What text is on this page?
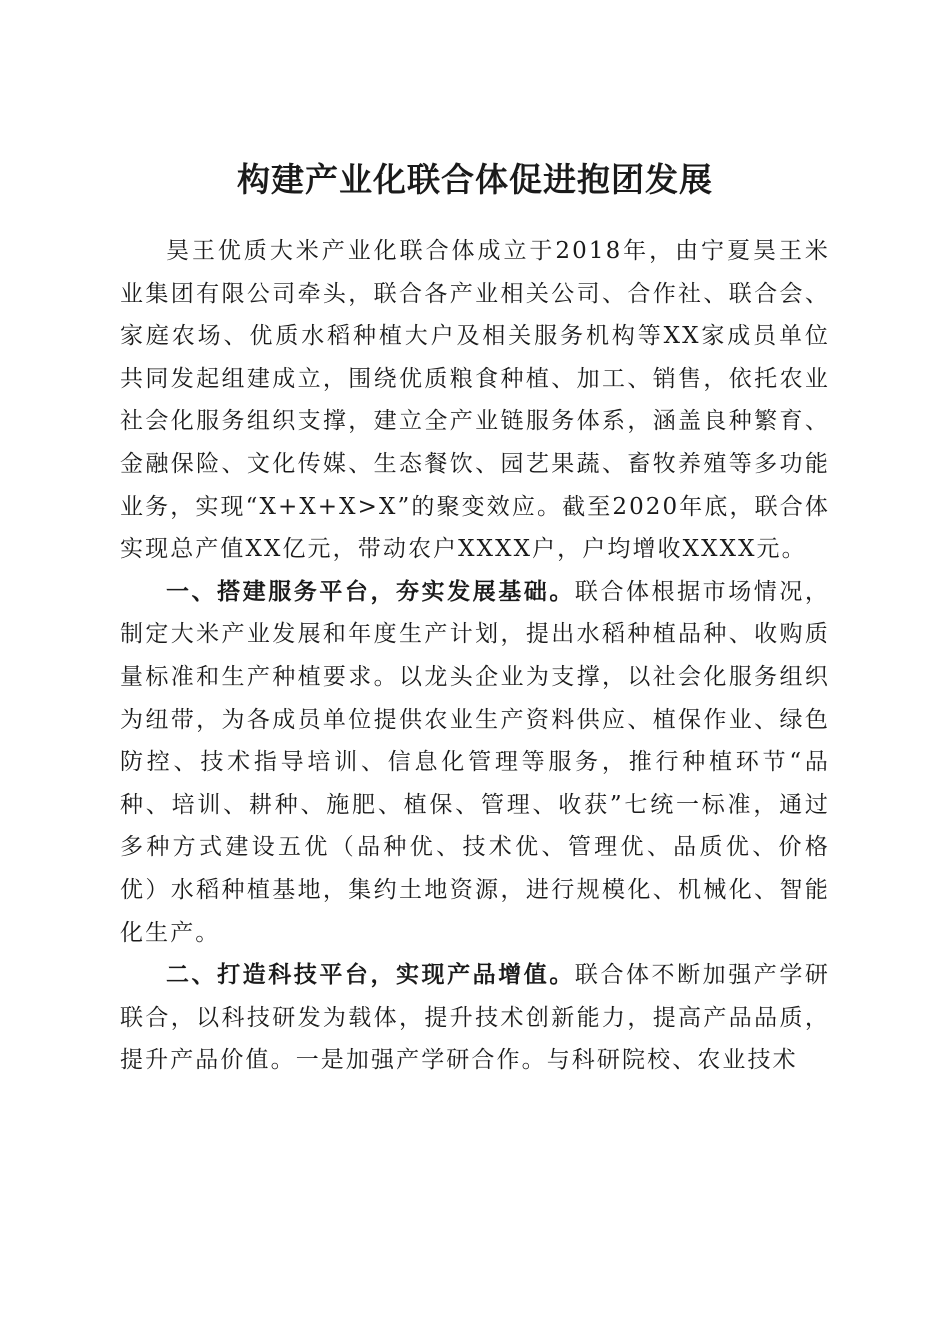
构建产业化联合体促进抱团发展

昊王优质大米产业化联合体成立于2018年，由宁夏昊王米业集团有限公司牵头，联合各产业相关公司、合作社、联合会、家庭农场、优质水稻种植大户及相关服务机构等XX家成员单位共同发起组建成立，围绕优质粮食种植、加工、销售，依托农业社会化服务组织支撑，建立全产业链服务体系，涵盖良种繁育、金融保险、文化传媒、生态餐饮、园艺果蔬、畜牧养殖等多功能业务，实现“X+X+X>X”的聚变效应。截至2020年底，联合体实现总产值XX亿元，带动农户XXXX户，户均增收XXXX元。

一、搭建服务平台，夯实发展基础。联合体根据市场情况，制定大米产业发展和年度生产计划，提出水稻种植品种、收购质量标准和生产种植要求。以龙头企业为支撑，以社会化服务组织为纽带，为各成员单位提供农业生产资料供应、植保作业、绿色防控、技术指导培训、信息化管理等服务，推行种植环节“品种、培训、耕种、施肥、植保、管理、收获”七统一标准，通过多种方式建设五优（品种优、技术优、管理优、品质优、价格优）水稻种植基地，集约土地资源，进行规模化、机械化、智能化生产。

二、打造科技平台，实现产品增值。联合体不断加强产学研联合，以科技研发为载体，提升技术创新能力，提高产品品质，提升产品价值。一是加强产学研合作。与科研院校、农业技术
